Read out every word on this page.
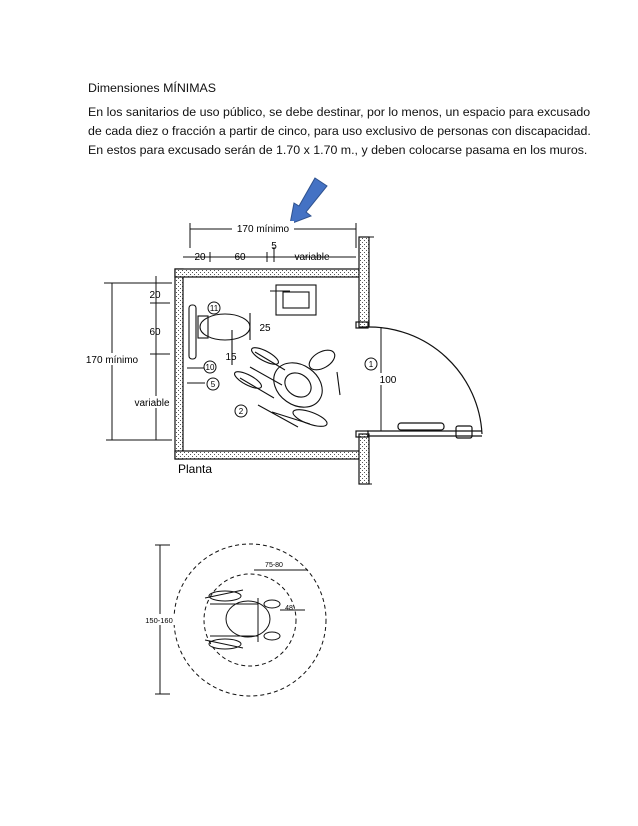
Dimensiones MÍNIMAS
En los sanitarios de uso público, se debe destinar, por lo menos, un espacio para excusado
de cada diez o fracción a partir de cinco, para uso exclusivo de personas con discapacidad.
En estos para excusado serán de 1.70 x 1.70 m., y deben colocarse pasama en los muros.
170 mínimo
20	60
5
variable
20
60
170 mínimo
variable
25
15
11
10
5
1
2
100
Planta
150-160
75-80
48
